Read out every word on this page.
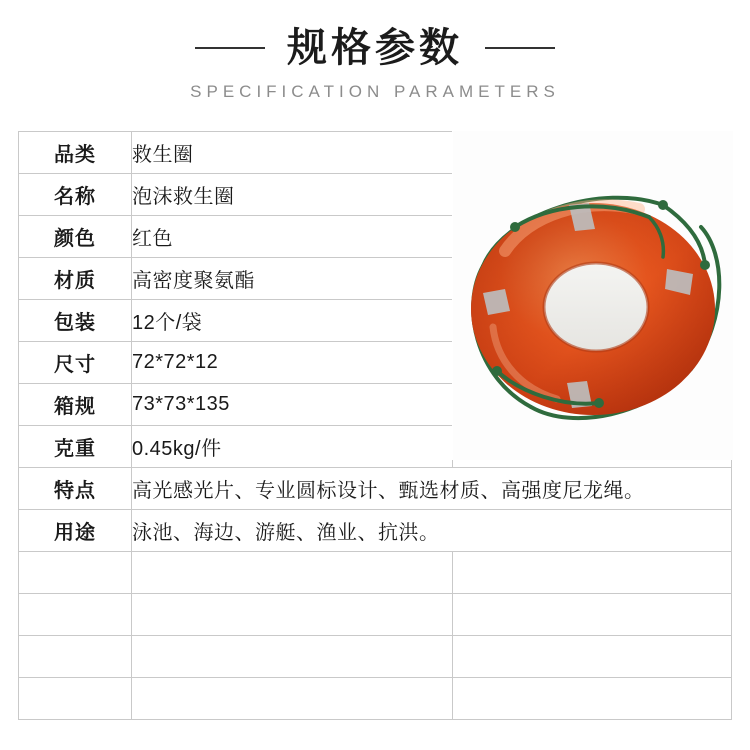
规格参数
SPECIFICATION PARAMETERS
品类	救生圈	
名称	泡沫救生圈	
颜色	红色	
材质	高密度聚氨酯	
包装	12个/袋	
尺寸	72*72*12	
箱规	73*73*135	
克重	0.45kg/件	
特点	高光感光片、专业圆标设计、甄选材质、高强度尼龙绳。	
用途	泳池、海边、游艇、渔业、抗洪。	
